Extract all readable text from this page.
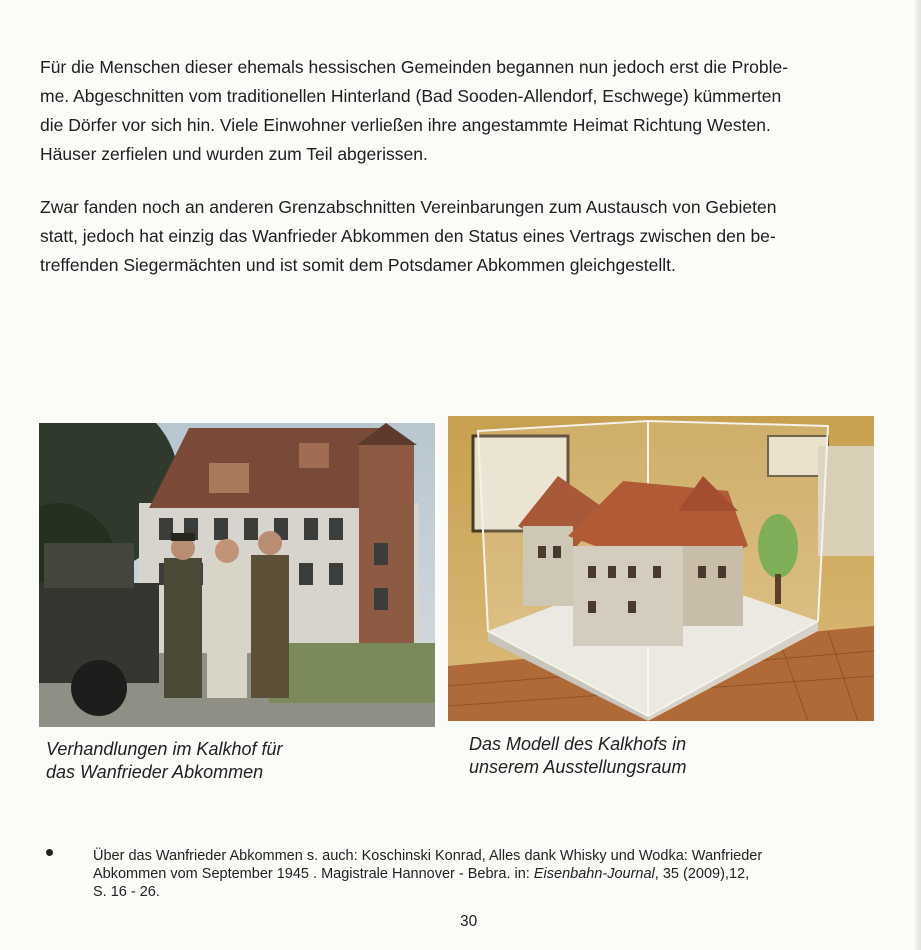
Für die Menschen dieser ehemals hessischen Gemeinden begannen nun jedoch erst die Proble-
me. Abgeschnitten vom traditionellen Hinterland (Bad Sooden-Allendorf, Eschwege) kümmerten
die Dörfer vor sich hin. Viele Einwohner verließen ihre angestammte Heimat Richtung Westen.
Häuser zerfielen und wurden zum Teil abgerissen.
Zwar fanden noch an anderen Grenzabschnitten Vereinbarungen zum Austausch von Gebieten
statt, jedoch hat einzig das Wanfrieder Abkommen den Status eines Vertrags zwischen den be-
treffenden Siegermächten und ist somit dem Potsdamer Abkommen gleichgestellt.
Verhandlungen im Kalkhof für
das Wanfrieder Abkommen
Das Modell des Kalkhofs in
unserem Ausstellungsraum
Über das Wanfrieder Abkommen s. auch: Koschinski Konrad, Alles dank Whisky und Wodka: Wanfrieder
Abkommen vom September 1945 . Magistrale Hannover - Bebra. in: Eisenbahn-Journal, 35 (2009),12,
S. 16 - 26.
30
